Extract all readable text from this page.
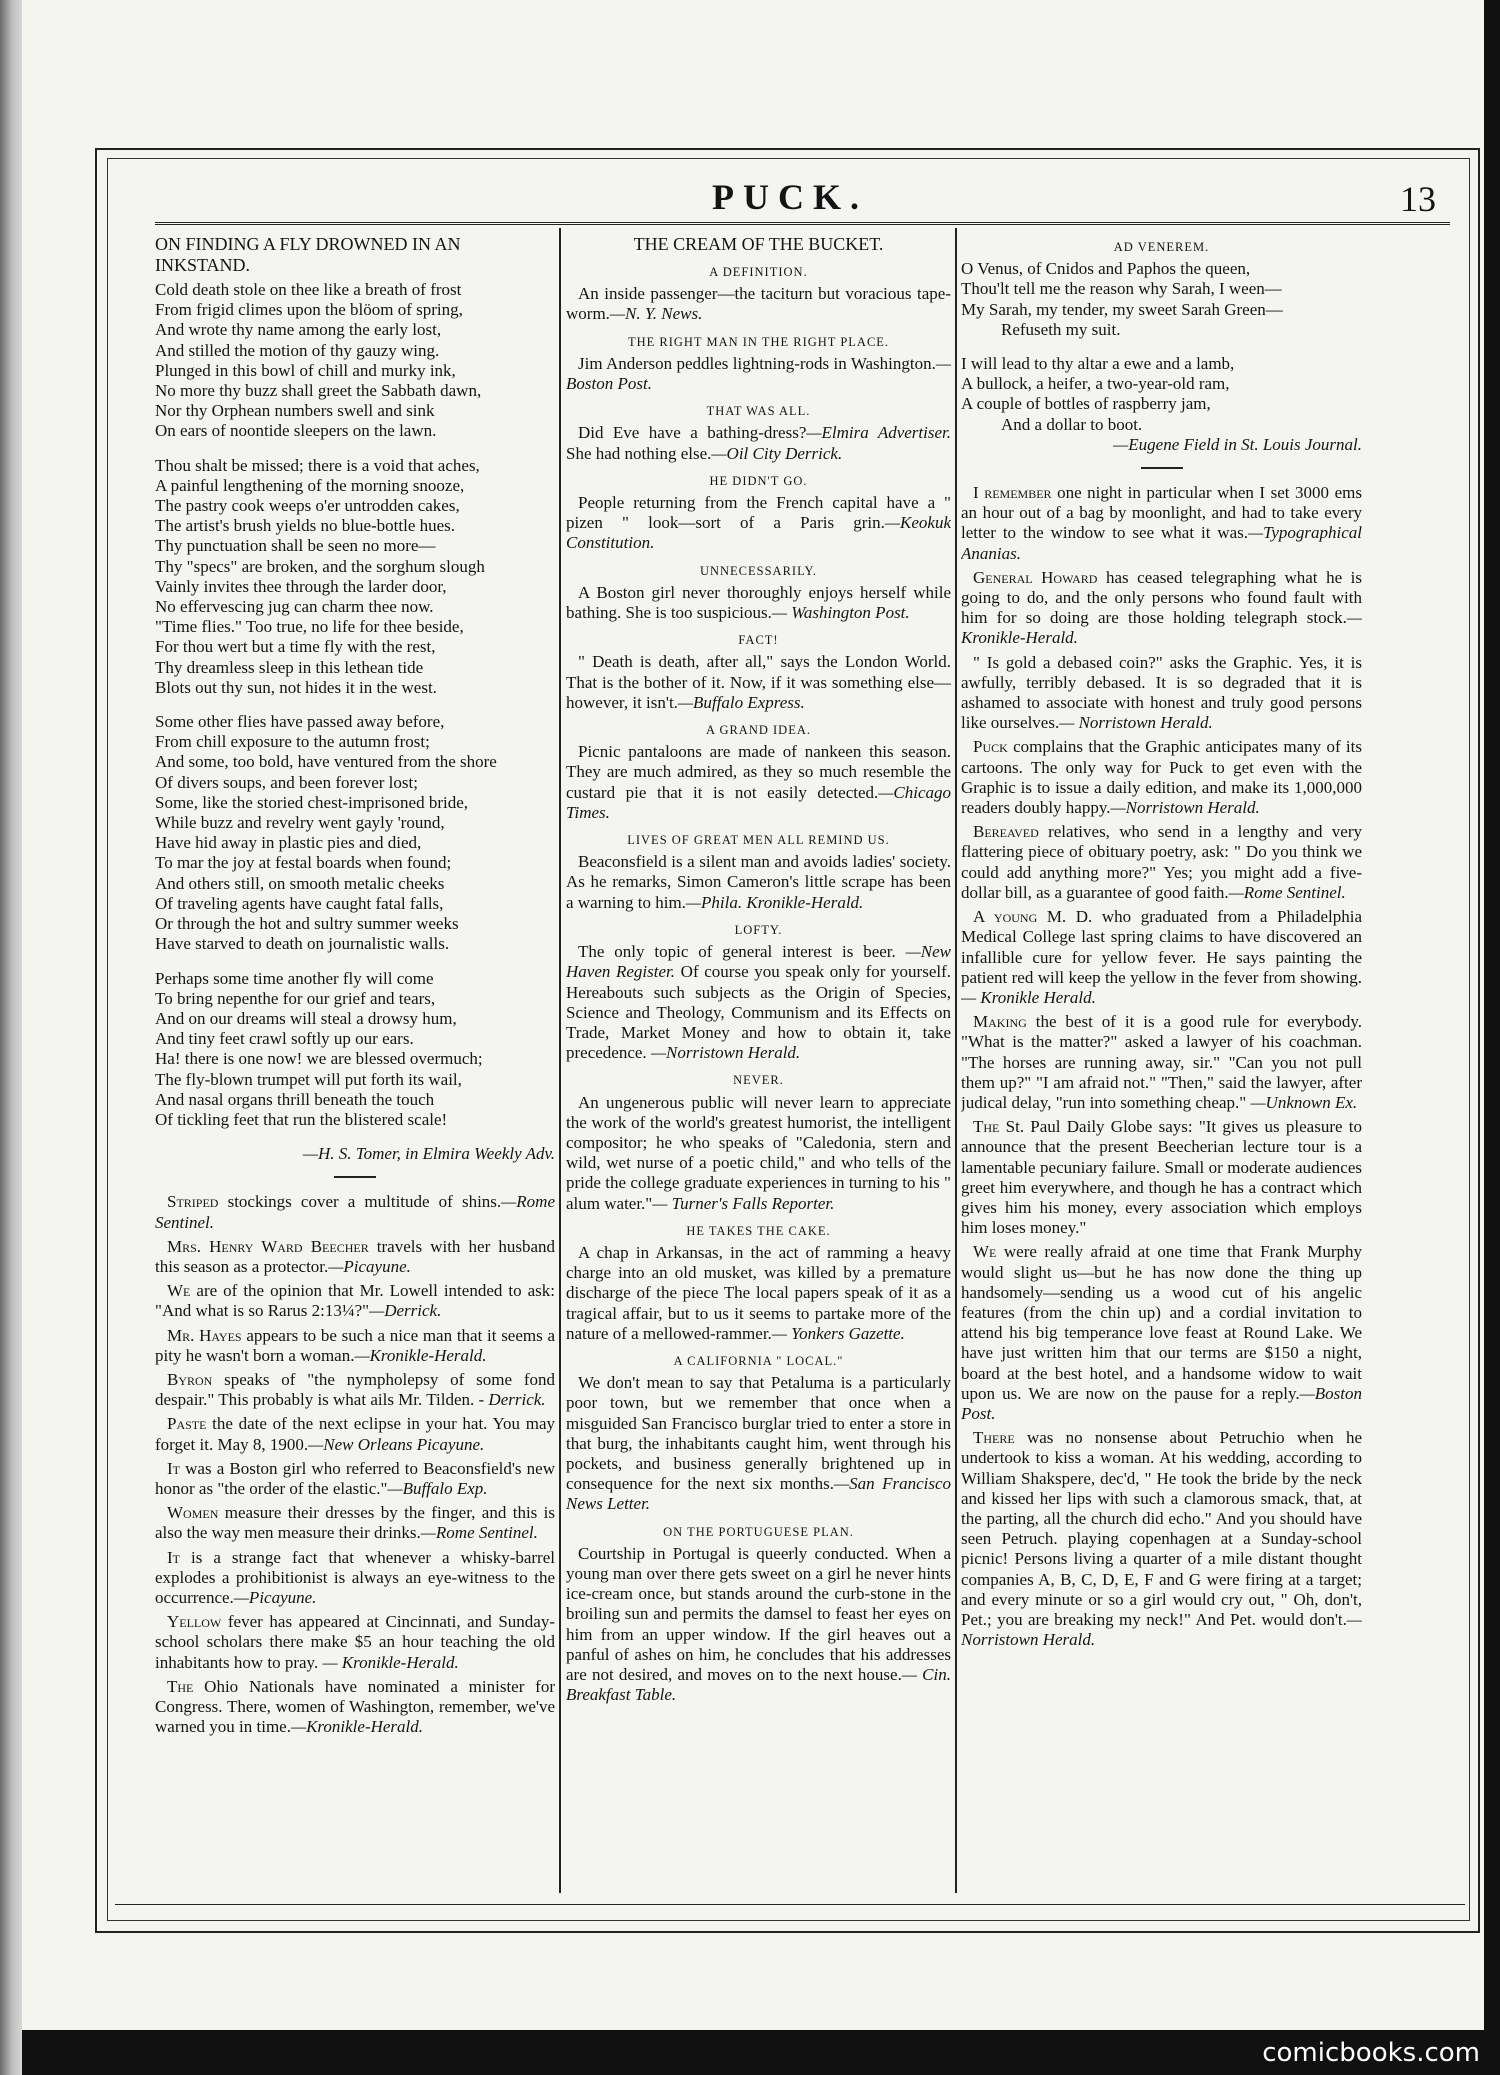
PUCK.	13
ON FINDING A FLY DROWNED IN AN INKSTAND.
Cold death stole on thee like a breath of frost
From frigid climes upon the blöom of spring,
And wrote thy name among the early lost,
And stilled the motion of thy gauzy wing.
Plunged in this bowl of chill and murky ink,
No more thy buzz shall greet the Sabbath dawn,
Nor thy Orphean numbers swell and sink
On ears of noontide sleepers on the lawn.
Thou shalt be missed; there is a void that aches,
A painful lengthening of the morning snooze,
The pastry cook weeps o'er untrodden cakes,
The artist's brush yields no blue-bottle hues.
Thy punctuation shall be seen no more—
Thy "specs" are broken, and the sorghum slough
Vainly invites thee through the larder door,
No effervescing jug can charm thee now.
"Time flies." Too true, no life for thee beside,
For thou wert but a time fly with the rest,
Thy dreamless sleep in this lethean tide
Blots out thy sun, not hides it in the west.
Some other flies have passed away before,
From chill exposure to the autumn frost;
And some, too bold, have ventured from the shore
Of divers soups, and been forever lost;
Some, like the storied chest-imprisoned bride,
While buzz and revelry went gayly 'round,
Have hid away in plastic pies and died,
To mar the joy at festal boards when found;
And others still, on smooth metalic cheeks
Of traveling agents have caught fatal falls,
Or through the hot and sultry summer weeks
Have starved to death on journalistic walls.
Perhaps some time another fly will come
To bring nepenthe for our grief and tears,
And on our dreams will steal a drowsy hum,
And tiny feet crawl softly up our ears.
Ha! there is one now! we are blessed overmuch;
The fly-blown trumpet will put forth its wail,
And nasal organs thrill beneath the touch
Of tickling feet that run the blistered scale!
—H. S. Tomer, in Elmira Weekly Adv.

Striped stockings cover a multitude of shins.—Rome Sentinel.

Mrs. Henry Ward Beecher travels with her husband this season as a protector.—Picayune.

We are of the opinion that Mr. Lowell intended to ask: "And what is so Rarus 2:13¼?"—Derrick.

Mr. Hayes appears to be such a nice man that it seems a pity he wasn't born a woman.—Kronikle-Herald.

Byron speaks of "the nympholepsy of some fond despair." This probably is what ails Mr. Tilden. - Derrick.

Paste the date of the next eclipse in your hat. You may forget it. May 8, 1900.—New Orleans Picayune.

It was a Boston girl who referred to Beaconsfield's new honor as "the order of the elastic."—Buffalo Exp.

Women measure their dresses by the finger, and this is also the way men measure their drinks.—Rome Sentinel.

It is a strange fact that whenever a whisky-barrel explodes a prohibitionist is always an eye-witness to the occurrence.—Picayune.

Yellow fever has appeared at Cincinnati, and Sunday-school scholars there make $5 an hour teaching the old inhabitants how to pray. — Kronikle-Herald.

The Ohio Nationals have nominated a minister for Congress. There, women of Washington, remember, we've warned you in time.—Kronikle-Herald.

THE CREAM OF THE BUCKET.
A DEFINITION.

An inside passenger—the taciturn but voracious tape-worm.—N. Y. News.

THE RIGHT MAN IN THE RIGHT PLACE.

Jim Anderson peddles lightning-rods in Washington.—Boston Post.

THAT WAS ALL.

Did Eve have a bathing-dress?—Elmira Advertiser. She had nothing else.—Oil City Derrick.

HE DIDN'T GO.

People returning from the French capital have a " pizen " look—sort of a Paris grin.—Keokuk Constitution.

UNNECESSARILY.

A Boston girl never thoroughly enjoys herself while bathing. She is too suspicious.— Washington Post.

FACT!

" Death is death, after all," says the London World. That is the bother of it. Now, if it was something else—however, it isn't.—Buffalo Express.

A GRAND IDEA.

Picnic pantaloons are made of nankeen this season. They are much admired, as they so much resemble the custard pie that it is not easily detected.—Chicago Times.

LIVES OF GREAT MEN ALL REMIND US.

Beaconsfield is a silent man and avoids ladies' society. As he remarks, Simon Cameron's little scrape has been a warning to him.—Phila. Kronikle-Herald.

LOFTY.

The only topic of general interest is beer. —New Haven Register. Of course you speak only for yourself. Hereabouts such subjects as the Origin of Species, Science and Theology, Communism and its Effects on Trade, Market Money and how to obtain it, take precedence. —Norristown Herald.

NEVER.

An ungenerous public will never learn to appreciate the work of the world's greatest humorist, the intelligent compositor; he who speaks of "Caledonia, stern and wild, wet nurse of a poetic child," and who tells of the pride the college graduate experiences in turning to his " alum water."— Turner's Falls Reporter.

HE TAKES THE CAKE.

A chap in Arkansas, in the act of ramming a heavy charge into an old musket, was killed by a premature discharge of the piece The local papers speak of it as a tragical affair, but to us it seems to partake more of the nature of a mellowed-rammer.— Yonkers Gazette.

A CALIFORNIA " LOCAL."

We don't mean to say that Petaluma is a particularly poor town, but we remember that once when a misguided San Francisco burglar tried to enter a store in that burg, the inhabitants caught him, went through his pockets, and business generally brightened up in consequence for the next six months.—San Francisco News Letter.

ON THE PORTUGUESE PLAN.

Courtship in Portugal is queerly conducted. When a young man over there gets sweet on a girl he never hints ice-cream once, but stands around the curb-stone in the broiling sun and permits the damsel to feast her eyes on him from an upper window. If the girl heaves out a panful of ashes on him, he concludes that his addresses are not desired, and moves on to the next house.— Cin. Breakfast Table.

AD VENEREM.
O Venus, of Cnidos and Paphos the queen,
Thou'lt tell me the reason why Sarah, I ween—
My Sarah, my tender, my sweet Sarah Green—
Refuseth my suit.
I will lead to thy altar a ewe and a lamb,
A bullock, a heifer, a two-year-old ram,
A couple of bottles of raspberry jam,
And a dollar to boot.
—Eugene Field in St. Louis Journal.

I remember one night in particular when I set 3000 ems an hour out of a bag by moonlight, and had to take every letter to the window to see what it was.—Typographical Ananias.

General Howard has ceased telegraphing what he is going to do, and the only persons who found fault with him for so doing are those holding telegraph stock.—Kronikle-Herald.

" Is gold a debased coin?" asks the Graphic. Yes, it is awfully, terribly debased. It is so degraded that it is ashamed to associate with honest and truly good persons like ourselves.— Norristown Herald.

Puck complains that the Graphic anticipates many of its cartoons. The only way for Puck to get even with the Graphic is to issue a daily edition, and make its 1,000,000 readers doubly happy.—Norristown Herald.

Bereaved relatives, who send in a lengthy and very flattering piece of obituary poetry, ask: " Do you think we could add anything more?" Yes; you might add a five-dollar bill, as a guarantee of good faith.—Rome Sentinel.

A young M. D. who graduated from a Philadelphia Medical College last spring claims to have discovered an infallible cure for yellow fever. He says painting the patient red will keep the yellow in the fever from showing.— Kronikle Herald.

Making the best of it is a good rule for everybody. "What is the matter?" asked a lawyer of his coachman. "The horses are running away, sir." "Can you not pull them up?" "I am afraid not." "Then," said the lawyer, after judical delay, "run into something cheap." —Unknown Ex.

The St. Paul Daily Globe says: "It gives us pleasure to announce that the present Beecherian lecture tour is a lamentable pecuniary failure. Small or moderate audiences greet him everywhere, and though he has a contract which gives him his money, every association which employs him loses money."

We were really afraid at one time that Frank Murphy would slight us—but he has now done the thing up handsomely—sending us a wood cut of his angelic features (from the chin up) and a cordial invitation to attend his big temperance love feast at Round Lake. We have just written him that our terms are $150 a night, board at the best hotel, and a handsome widow to wait upon us. We are now on the pause for a reply.—Boston Post.

There was no nonsense about Petruchio when he undertook to kiss a woman. At his wedding, according to William Shakspere, dec'd, " He took the bride by the neck and kissed her lips with such a clamorous smack, that, at the parting, all the church did echo." And you should have seen Petruch. playing copenhagen at a Sunday-school picnic! Persons living a quarter of a mile distant thought companies A, B, C, D, E, F and G were firing at a target; and every minute or so a girl would cry out, " Oh, don't, Pet.; you are breaking my neck!" And Pet. would don't.—Norristown Herald.

comicbooks.com
